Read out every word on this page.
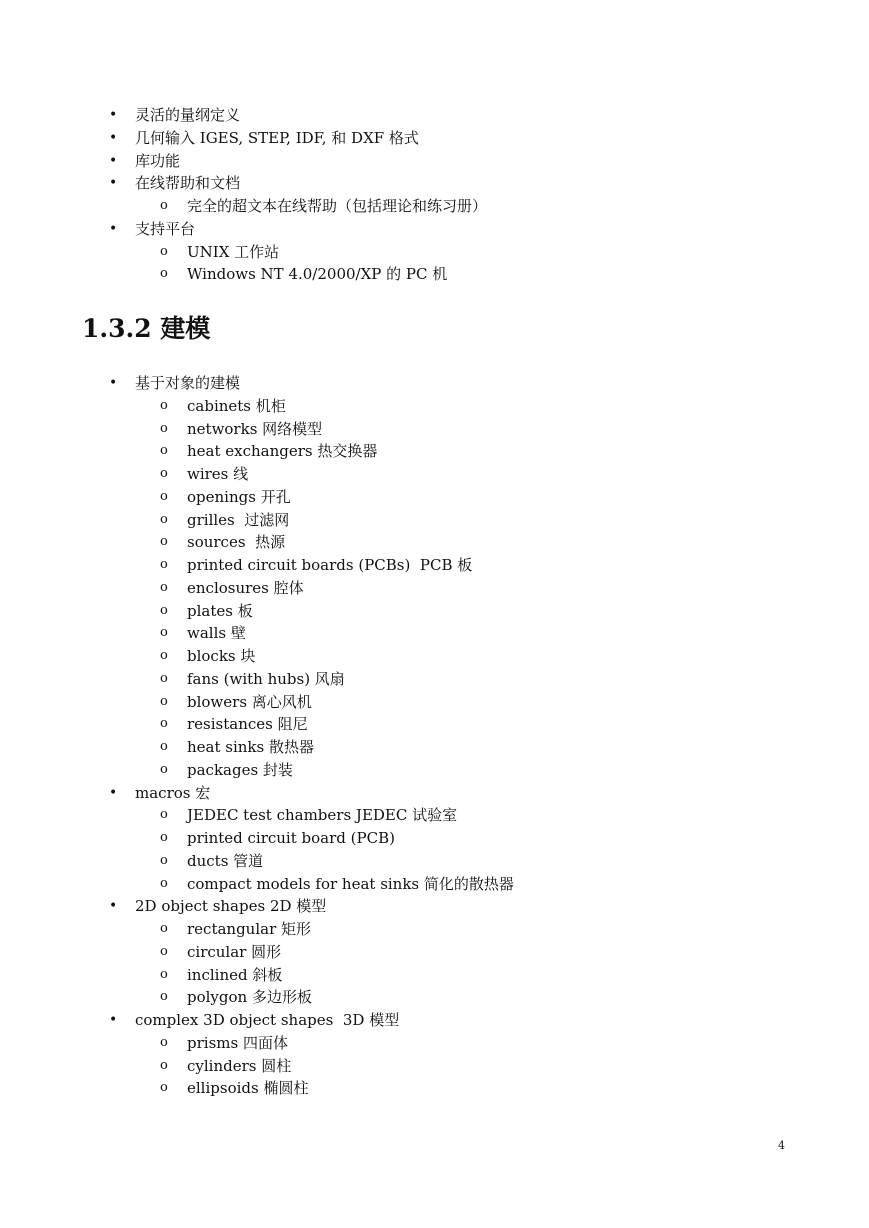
• 灵活的量纲定义
• 几何输入 IGES, STEP, IDF, 和 DXF 格式
• 库功能
• 在线帮助和文档
o 完全的超文本在线帮助（包括理论和练习册）
• 支持平台
o UNIX 工作站
o Windows NT 4.0/2000/XP 的 PC 机
1.3.2 建模
• 基于对象的建模
o cabinets 机柜
o networks 网络模型
o heat exchangers 热交换器
o wires 线
o openings 开孔
o grilles  过滤网
o sources  热源
o printed circuit boards (PCBs)  PCB 板
o enclosures 腔体
o plates 板
o walls 壁
o blocks 块
o fans (with hubs) 风扇
o blowers 离心风机
o resistances 阻尼
o heat sinks 散热器
o packages 封装
• macros 宏
o JEDEC test chambers JEDEC 试验室
o printed circuit board (PCB)
o ducts 管道
o compact models for heat sinks 简化的散热器
• 2D object shapes 2D 模型
o rectangular 矩形
o circular 圆形
o inclined 斜板
o polygon 多边形板
• complex 3D object shapes  3D 模型
o prisms 四面体
o cylinders 圆柱
o ellipsoids 椭圆柱
4
